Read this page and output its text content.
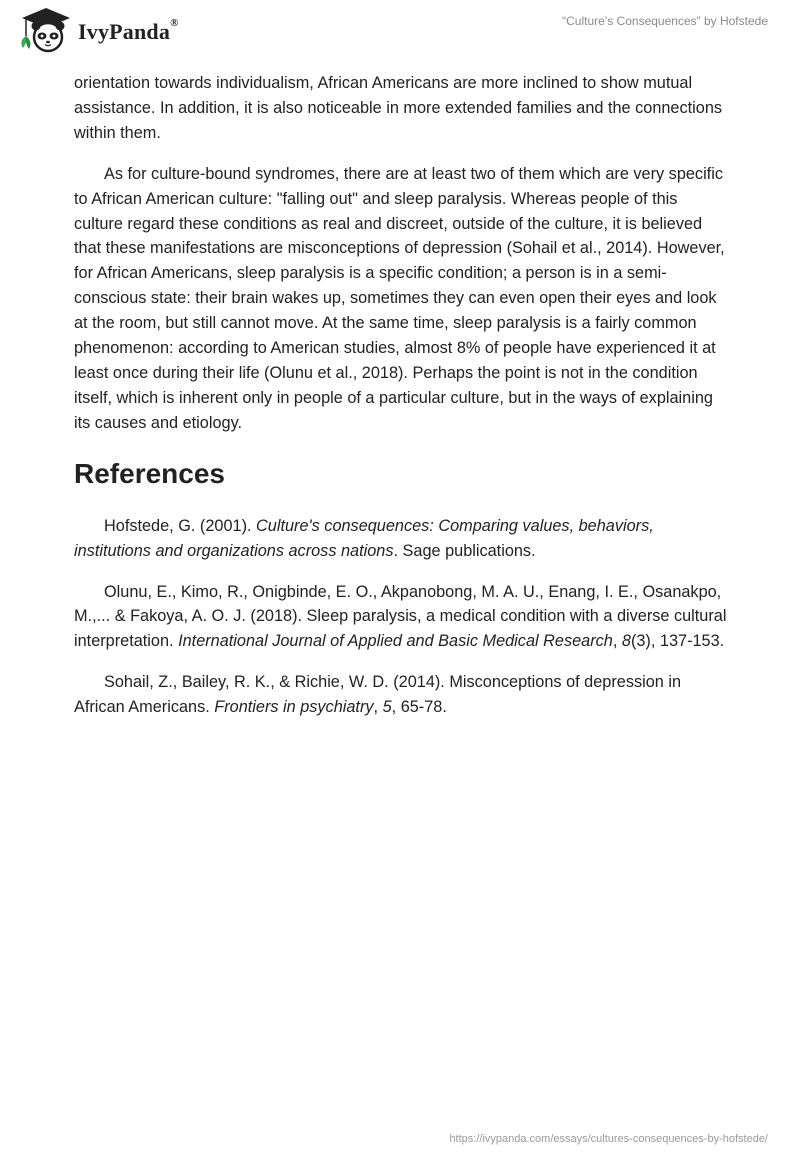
IvyPanda®	“Culture’s Consequences” by Hofstede

orientation towards individualism, African Americans are more inclined to show mutual assistance. In addition, it is also noticeable in more extended families and the connections within them.

As for culture-bound syndromes, there are at least two of them which are very specific to African American culture: "falling out" and sleep paralysis. Whereas people of this culture regard these conditions as real and discreet, outside of the culture, it is believed that these manifestations are misconceptions of depression (Sohail et al., 2014). However, for African Americans, sleep paralysis is a specific condition; a person is in a semi-conscious state: their brain wakes up, sometimes they can even open their eyes and look at the room, but still cannot move. At the same time, sleep paralysis is a fairly common phenomenon: according to American studies, almost 8% of people have experienced it at least once during their life (Olunu et al., 2018). Perhaps the point is not in the condition itself, which is inherent only in people of a particular culture, but in the ways of explaining its causes and etiology.

References

Hofstede, G. (2001). Culture's consequences: Comparing values, behaviors, institutions and organizations across nations. Sage publications.

Olunu, E., Kimo, R., Onigbinde, E. O., Akpanobong, M. A. U., Enang, I. E., Osanakpo, M.,... & Fakoya, A. O. J. (2018). Sleep paralysis, a medical condition with a diverse cultural interpretation. International Journal of Applied and Basic Medical Research, 8(3), 137-153.

Sohail, Z., Bailey, R. K., & Richie, W. D. (2014). Misconceptions of depression in African Americans. Frontiers in psychiatry, 5, 65-78.

https://ivypanda.com/essays/cultures-consequences-by-hofstede/
